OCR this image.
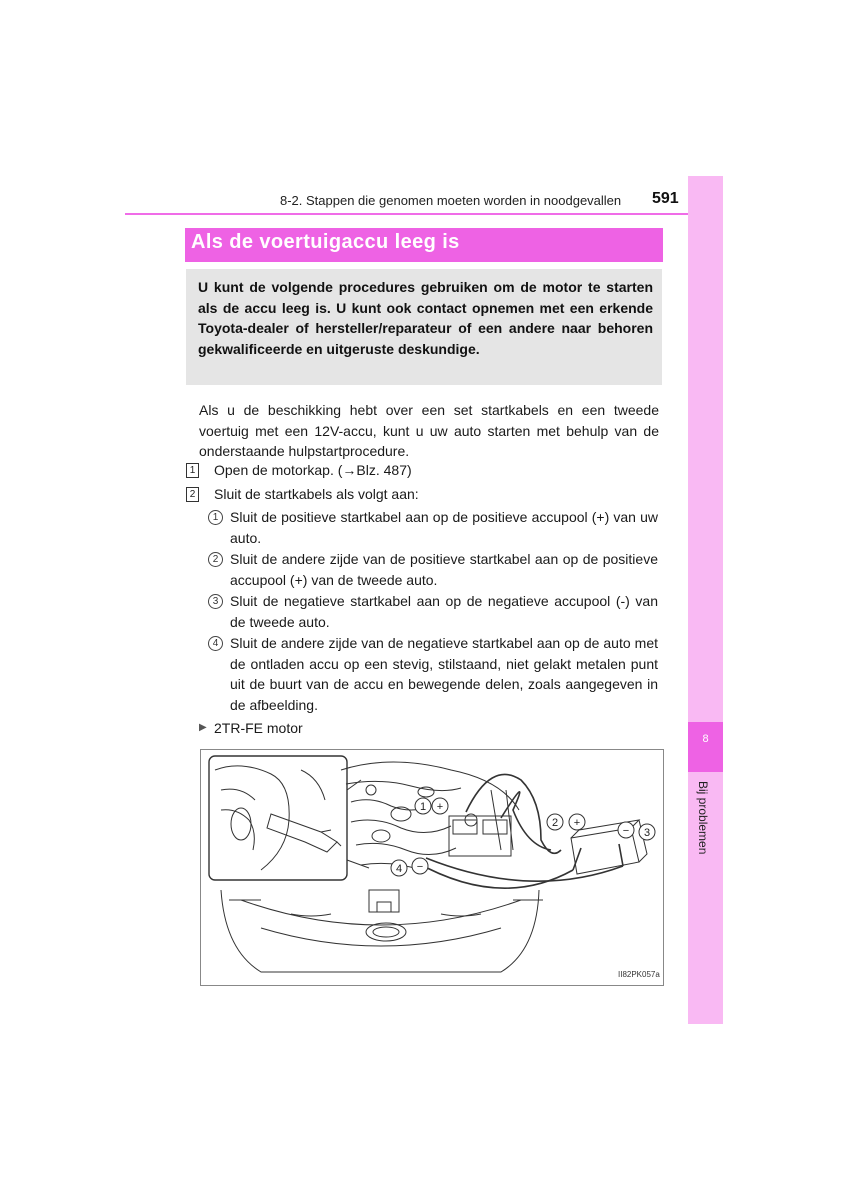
8-2. Stappen die genomen moeten worden in noodgevallen 591
8
Bij problemen
Als de voertuigaccu leeg is
U kunt de volgende procedures gebruiken om de motor te starten als de accu leeg is. U kunt ook contact opnemen met een erkende Toyota-dealer of hersteller/reparateur of een andere naar behoren gekwalificeerde en uitgeruste deskundige.
Als u de beschikking hebt over een set startkabels en een tweede voertuig met een 12V-accu, kunt u uw auto starten met behulp van de onderstaande hulpstartprocedure.
1 Open de motorkap. (→Blz. 487)
2 Sluit de startkabels als volgt aan:
1 Sluit de positieve startkabel aan op de positieve accupool (+) van uw auto.
2 Sluit de andere zijde van de positieve startkabel aan op de positieve accupool (+) van de tweede auto.
3 Sluit de negatieve startkabel aan op de negatieve accupool (-) van de tweede auto.
4 Sluit de andere zijde van de negatieve startkabel aan op de auto met de ontladen accu op een stevig, stilstaand, niet gelakt metalen punt uit de buurt van de accu en bewegende delen, zoals aangegeven in de afbeelding.
▶ 2TR-FE motor
1 +
2 +
− 3
4 −
II82PK057a
